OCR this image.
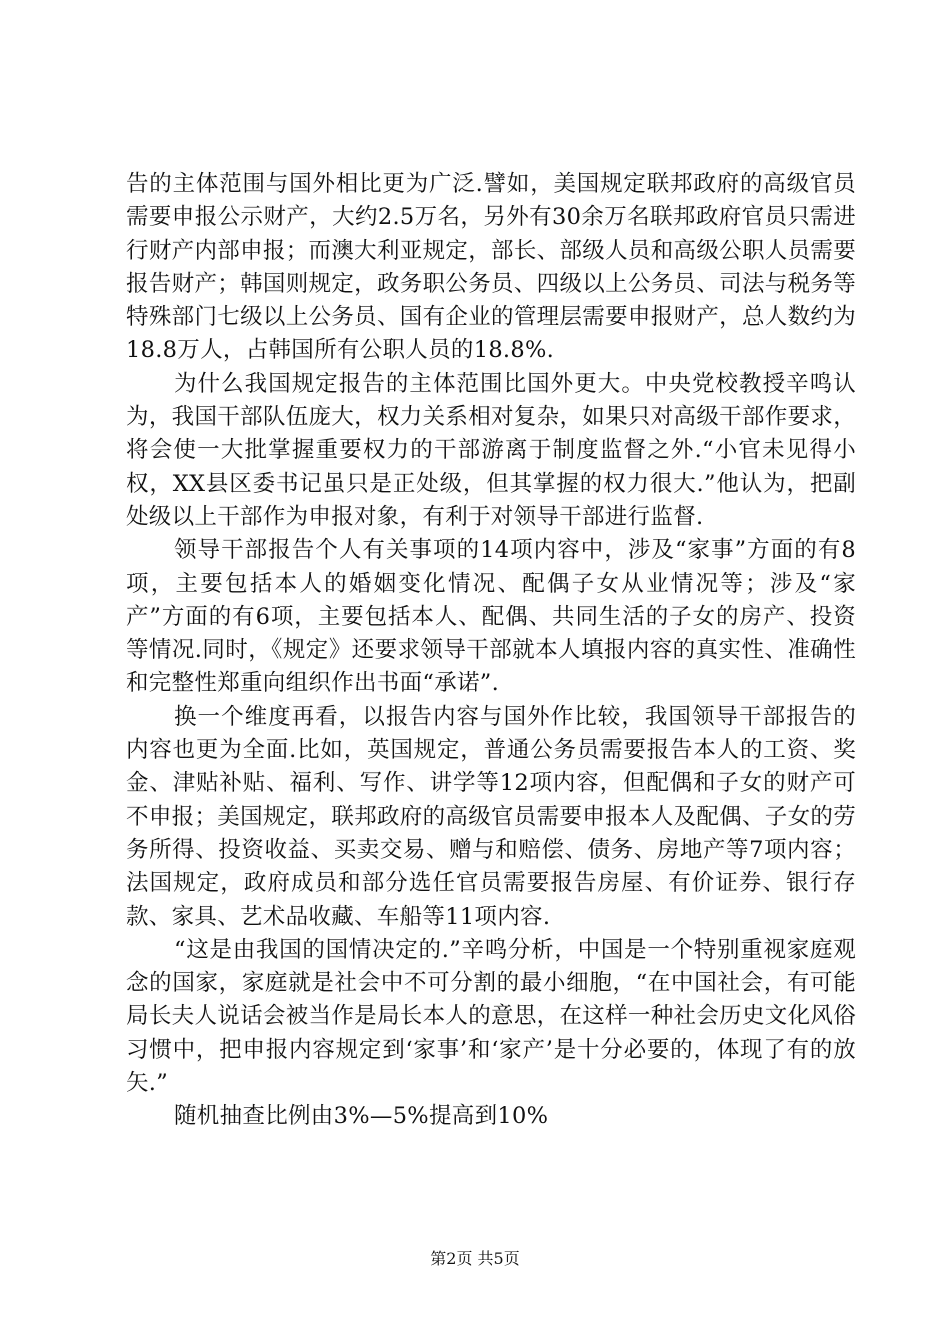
告的主体范围与国外相比更为广泛.譬如，美国规定联邦政府的高级官员需要申报公示财产，大约2.5万名，另外有30余万名联邦政府官员只需进行财产内部申报；而澳大利亚规定，部长、部级人员和高级公职人员需要报告财产；韩国则规定，政务职公务员、四级以上公务员、司法与税务等特殊部门七级以上公务员、国有企业的管理层需要申报财产，总人数约为18.8万人，占韩国所有公职人员的18.8%.

为什么我国规定报告的主体范围比国外更大。中央党校教授辛鸣认为，我国干部队伍庞大，权力关系相对复杂，如果只对高级干部作要求，将会使一大批掌握重要权力的干部游离于制度监督之外.“小官未见得小权，XX县区委书记虽只是正处级，但其掌握的权力很大.”他认为，把副处级以上干部作为申报对象，有利于对领导干部进行监督.

领导干部报告个人有关事项的14项内容中，涉及“家事”方面的有8项，主要包括本人的婚姻变化情况、配偶子女从业情况等；涉及“家产”方面的有6项，主要包括本人、配偶、共同生活的子女的房产、投资等情况.同时，《规定》还要求领导干部就本人填报内容的真实性、准确性和完整性郑重向组织作出书面“承诺”.

换一个维度再看，以报告内容与国外作比较，我国领导干部报告的内容也更为全面.比如，英国规定，普通公务员需要报告本人的工资、奖金、津贴补贴、福利、写作、讲学等12项内容，但配偶和子女的财产可不申报；美国规定，联邦政府的高级官员需要申报本人及配偶、子女的劳务所得、投资收益、买卖交易、赠与和赔偿、债务、房地产等7项内容；法国规定，政府成员和部分选任官员需要报告房屋、有价证券、银行存款、家具、艺术品收藏、车船等11项内容.

“这是由我国的国情决定的.”辛鸣分析，中国是一个特别重视家庭观念的国家，家庭就是社会中不可分割的最小细胞，“在中国社会，有可能局长夫人说话会被当作是局长本人的意思，在这样一种社会历史文化风俗习惯中，把申报内容规定到‘家事’和‘家产’是十分必要的，体现了有的放矢.”

随机抽查比例由3%—5%提高到10%

第2页 共5页
